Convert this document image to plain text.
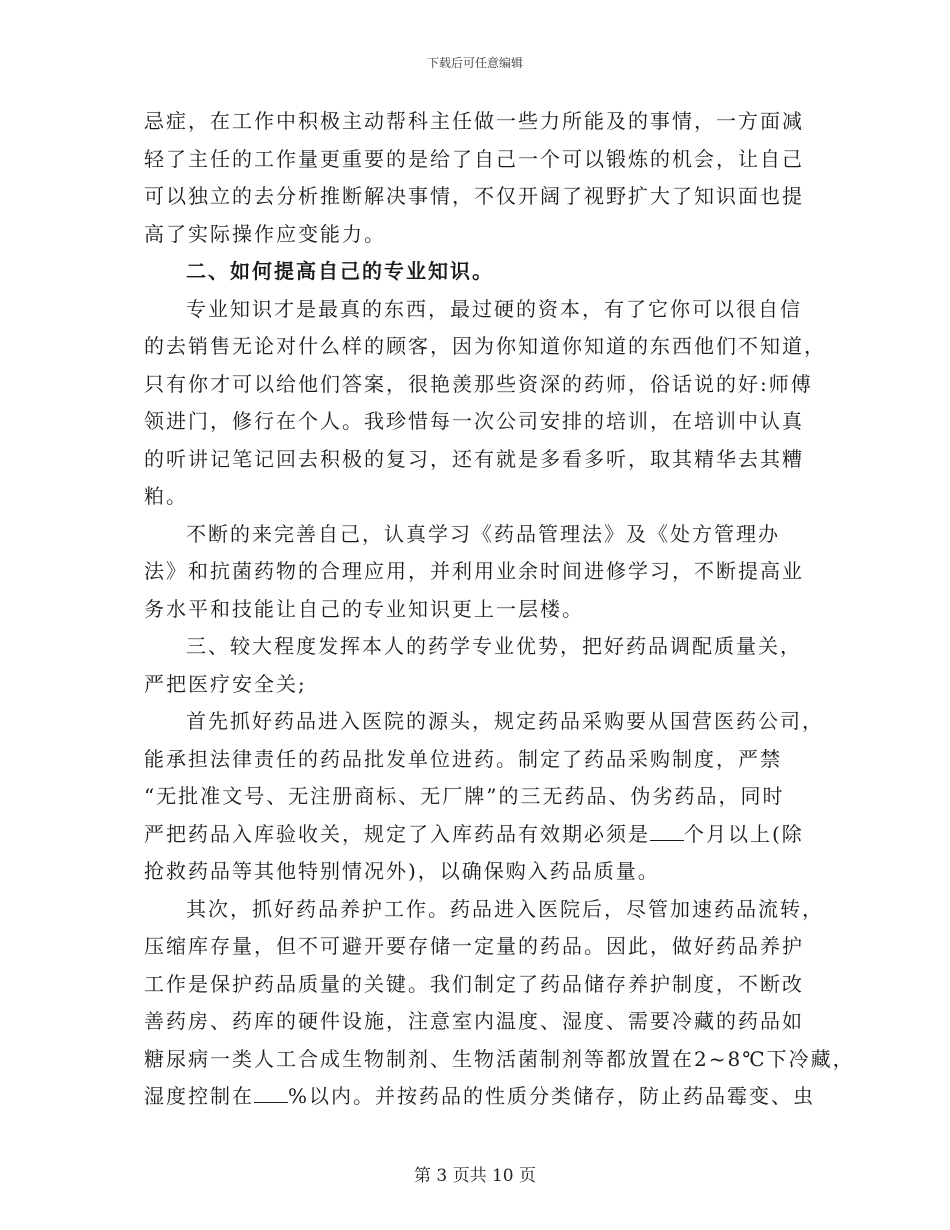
下载后可任意编辑
忌症，在工作中积极主动帮科主任做一些力所能及的事情，一方面减
轻了主任的工作量更重要的是给了自己一个可以锻炼的机会，让自己
可以独立的去分析推断解决事情，不仅开阔了视野扩大了知识面也提
高了实际操作应变能力。
二、如何提高自己的专业知识。
专业知识才是最真的东西，最过硬的资本，有了它你可以很自信
的去销售无论对什么样的顾客，因为你知道你知道的东西他们不知道，
只有你才可以给他们答案，很艳羡那些资深的药师，俗话说的好:师傅
领进门，修行在个人。我珍惜每一次公司安排的培训，在培训中认真
的听讲记笔记回去积极的复习，还有就是多看多听，取其精华去其糟
粕。
不断的来完善自己，认真学习《药品管理法》及《处方管理办
法》和抗菌药物的合理应用，并利用业余时间进修学习，不断提高业
务水平和技能让自己的专业知识更上一层楼。
三、较大程度发挥本人的药学专业优势，把好药品调配质量关，
严把医疗安全关;
首先抓好药品进入医院的源头，规定药品采购要从国营医药公司，
能承担法律责任的药品批发单位进药。制定了药品采购制度，严禁
“无批准文号、无注册商标、无厂牌”的三无药品、伪劣药品，同时
严把药品入库验收关，规定了入库药品有效期必须是 个月以上(除
抢救药品等其他特别情况外)，以确保购入药品质量。
其次，抓好药品养护工作。药品进入医院后，尽管加速药品流转，
压缩库存量，但不可避开要存储一定量的药品。因此，做好药品养护
工作是保护药品质量的关键。我们制定了药品储存养护制度，不断改
善药房、药库的硬件设施，注意室内温度、湿度、需要冷藏的药品如
糖尿病一类人工合成生物制剂、生物活菌制剂等都放置在2~8℃下冷藏，
湿度控制在 %以内。并按药品的性质分类储存，防止药品霉变、虫
第 3 页共 10 页
